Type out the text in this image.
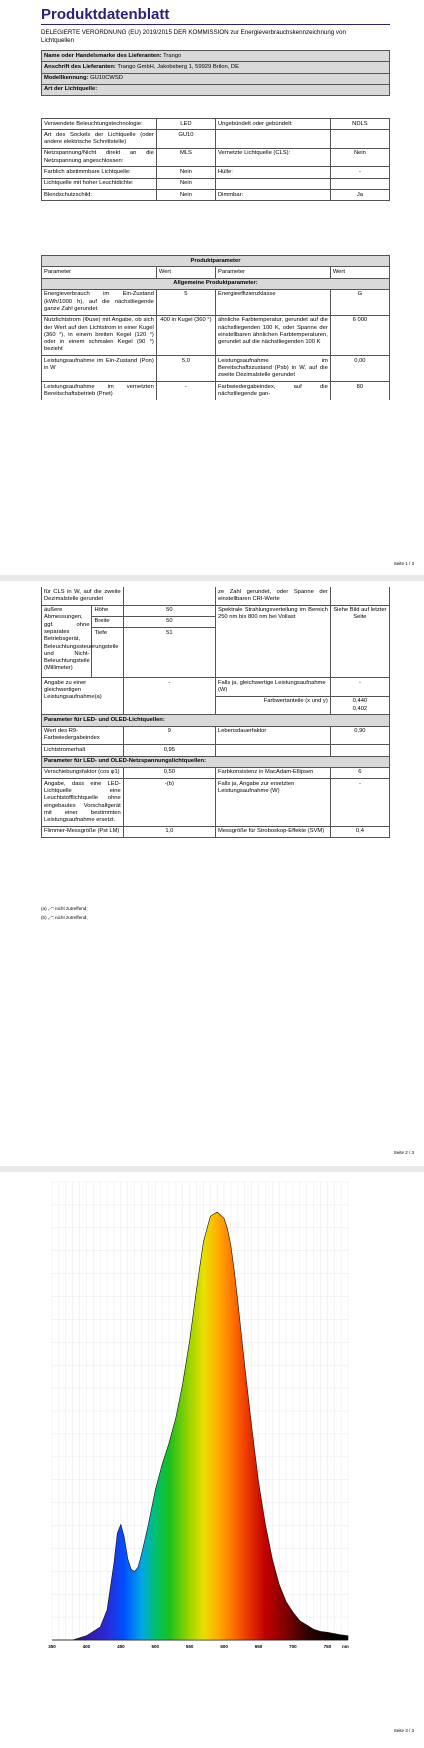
Produktdatenblatt
DELEGIERTE VERORDNUNG (EU) 2019/2015 DER KOMMISSION zur Energieverbrauchskennzeichnung von Lichtquellen
Name oder Handelsmarke des Lieferanten: Trango
Anschrift des Lieferanten: Trango GmbH, Jakobsberg 1, 59929 Brilon, DE
Modellkennung: GU10CWSD
Art der Lichtquelle:
Verwendete Beleuchtungstechnologie:	LED	Ungebündelt oder gebündelt:	NDLS
Art des Sockels der Lichtquelle (oder andere elektrische Schnittstelle)	GU10		
Netzspannung/Nicht direkt an die Netzspannung angeschlossen:	MLS	Vernetzte Lichtquelle (CLS):	Nein
Farblich abstimmbare Lichtquelle:	Nein	Hülle:	-
Lichtquelle mit hoher Leuchtdichte:	Nein		
Blendschutzschild:	Nein	Dimmbar:	Ja
Produktparameter			
Parameter	Wert	Parameter	Wert
Allgemeine Produktparameter:			
Energieverbrauch im Ein-Zustand (kWh/1000 h), auf die nächstliegende ganze Zahl gerundet	5	Energieeffizienzklasse	G
Nutzlichtstrom (Φuse) mit Angabe, ob sich der Wert auf den Lichtstrom in einer Kugel (360 °), in einem breiten Kegel (120 °) oder in einem schmalen Kegel (90 °) bezieht	400 in Kugel (360 °)	ähnliche Farbtemperatur, gerundet auf die nächstliegenden 100 K, oder Spanne der einstellbaren ähnlichen Farbtemperaturen, gerundet auf die nächstliegenden 100 K	6 000
Leistungsaufnahme im Ein-Zustand (Pon) in W	5,0	Leistungsaufnahme im Bereitschaftszustand (Psb) in W, auf die zweite Dezimalstelle gerundet	0,00
Leistungsaufnahme im vernetzten Bereitschaftsbetrieb (Pnet)	-	Farbwiedergabeindex, auf die nächstliegende gan-	80
Seite 1 / 3
für CLS in W, auf die zweite Dezimalstelle gerundet			ze Zahl gerundet, oder Spanne der einstellbaren CRI-Werte	
äußere Abmessungen, ggf. ohne separates Betriebsgerät, Beleuchtungssteuerungsteile und Nicht-Beleuchtungsteile (Millimeter)	Höhe	50	Spektrale Strahlungsverteilung im Bereich 250 nm bis 800 nm bei Vollast	Siehe Bild auf letzter Seite
	Breite	50		
	Tiefe	51		
Angabe zu einer gleichwertigen Leistungsaufnahme(a)		-	Falls ja, gleichwertige Leistungsaufnahme (W)	-
			Farbwertanteile (x und y)	0,440
0,402

Parameter für LED- und OLED-Lichtquellen:				
Wert des R9-Farbwiedergabeindex		9	Lebensdauerfaktor	0,90
Lichtstromerhalt		0,95		
Parameter für LED- und OLED-Netzspannungslichtquellen:				
Verschiebungsfaktor (cos φ1)		0,50	Farbkonsistenz in MacAdam-Ellipsen	6
Angabe, dass eine LED-Lichtquelle eine Leuchtstofflichtquelle ohne eingebautes Vorschaltgerät mit einer bestimmten Leistungsaufnahme ersetzt.		-(b)	Falls ja, Angabe zur ersetzten Leistungsaufnahme (W)	-
Flimmer-Messgröße (Pst LM)		1,0	Messgröße für Stroboskop-Effekte (SVM)	0,4
(a) „-“: nicht zutreffend;
(b) „-“: nicht zutreffend;
Seite 2 / 3
350	400	450	500	550	600	650	700	750 nm
Seite 3 / 3
